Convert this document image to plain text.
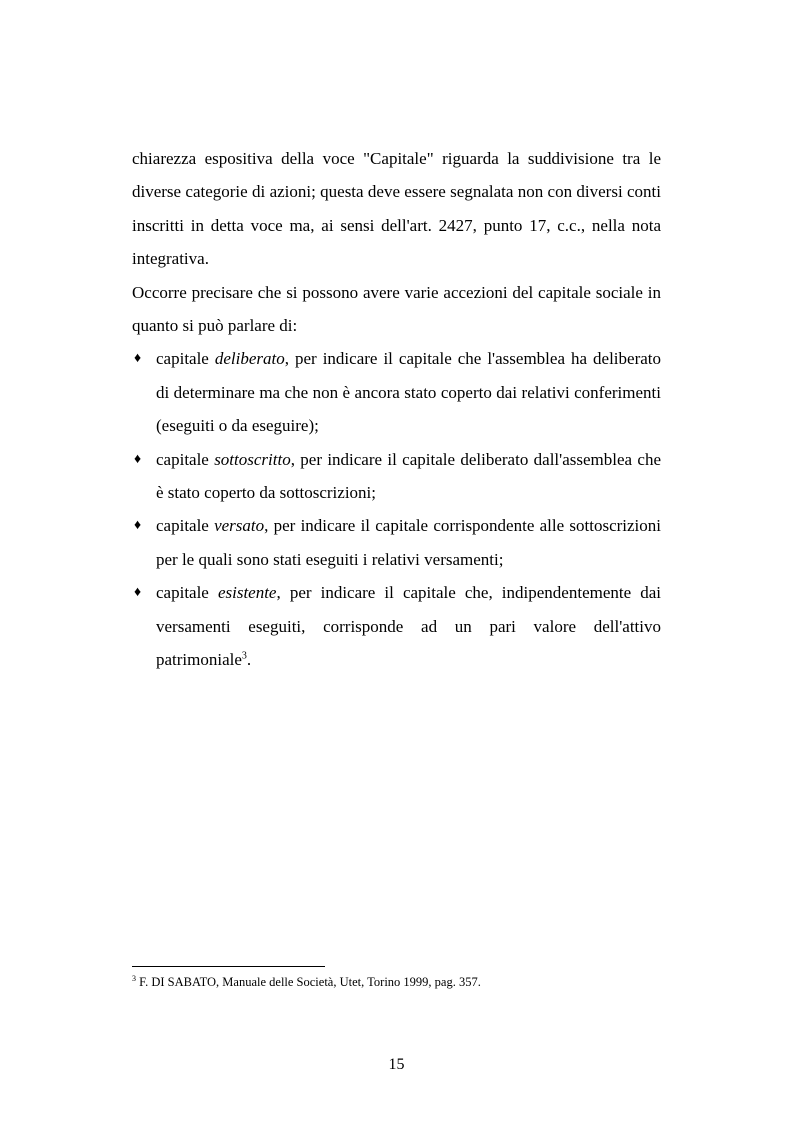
chiarezza espositiva della voce "Capitale" riguarda la suddivisione tra le diverse categorie di azioni; questa deve essere segnalata non con diversi conti inscritti in detta voce ma, ai sensi dell'art. 2427, punto 17, c.c., nella nota integrativa.

Occorre precisare che si possono avere varie accezioni del capitale sociale in quanto si può parlare di:

♦ capitale deliberato, per indicare il capitale che l'assemblea ha deliberato di determinare ma che non è ancora stato coperto dai relativi conferimenti (eseguiti o da eseguire);
♦ capitale sottoscritto, per indicare il capitale deliberato dall'assemblea che è stato coperto da sottoscrizioni;
♦ capitale versato, per indicare il capitale corrispondente alle sottoscrizioni per le quali sono stati eseguiti i relativi versamenti;
♦ capitale esistente, per indicare il capitale che, indipendentemente dai versamenti eseguiti, corrisponde ad un pari valore dell'attivo patrimoniale$^3$.
$^3$ F. DI SABATO, Manuale delle Società, Utet, Torino 1999, pag. 357.
15
